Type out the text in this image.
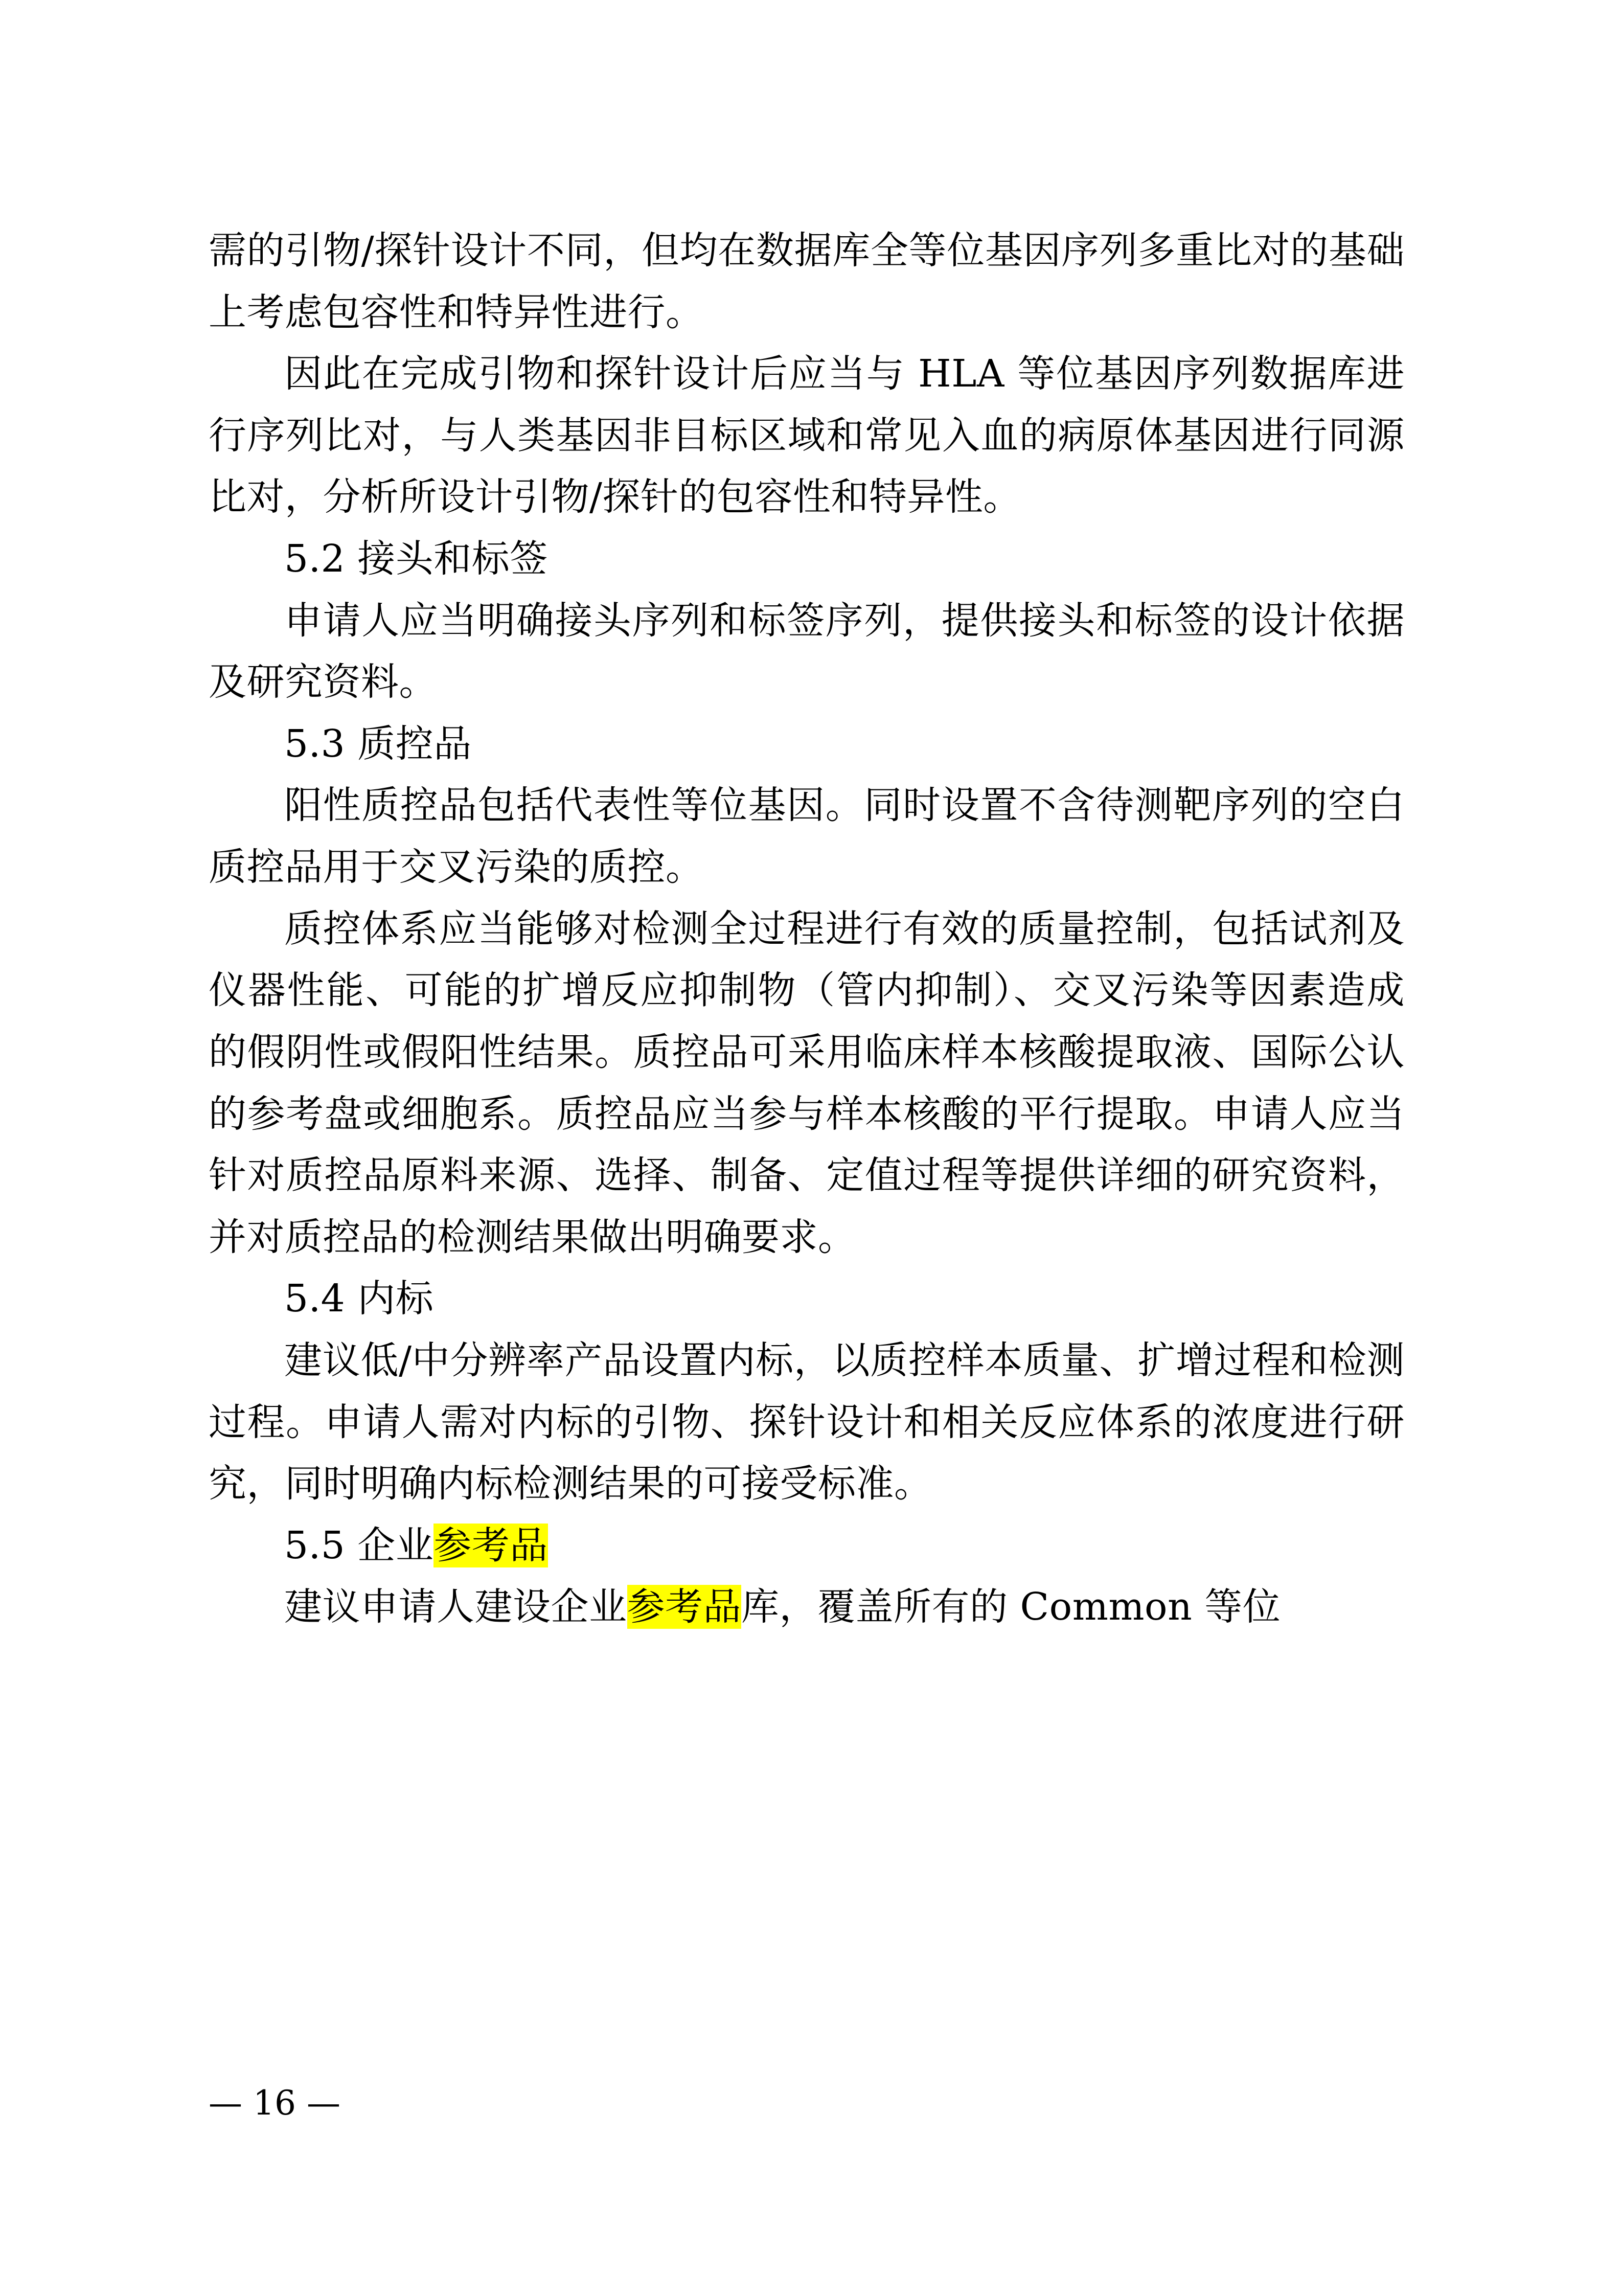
需的引物/探针设计不同，但均在数据库全等位基因序列多重比对的基础上考虑包容性和特异性进行。

因此在完成引物和探针设计后应当与 HLA 等位基因序列数据库进行序列比对，与人类基因非目标区域和常见入血的病原体基因进行同源比对，分析所设计引物/探针的包容性和特异性。

5.2 接头和标签

申请人应当明确接头序列和标签序列，提供接头和标签的设计依据及研究资料。

5.3 质控品

阳性质控品包括代表性等位基因。同时设置不含待测靶序列的空白质控品用于交叉污染的质控。

质控体系应当能够对检测全过程进行有效的质量控制，包括试剂及仪器性能、可能的扩增反应抑制物（管内抑制）、交叉污染等因素造成的假阴性或假阳性结果。质控品可采用临床样本核酸提取液、国际公认的参考盘或细胞系。质控品应当参与样本核酸的平行提取。申请人应当针对质控品原料来源、选择、制备、定值过程等提供详细的研究资料，并对质控品的检测结果做出明确要求。

5.4 内标

建议低/中分辨率产品设置内标，以质控样本质量、扩增过程和检测过程。申请人需对内标的引物、探针设计和相关反应体系的浓度进行研究，同时明确内标检测结果的可接受标准。

5.5 企业参考品

建议申请人建设企业参考品库，覆盖所有的 Common 等位

— 16 —
